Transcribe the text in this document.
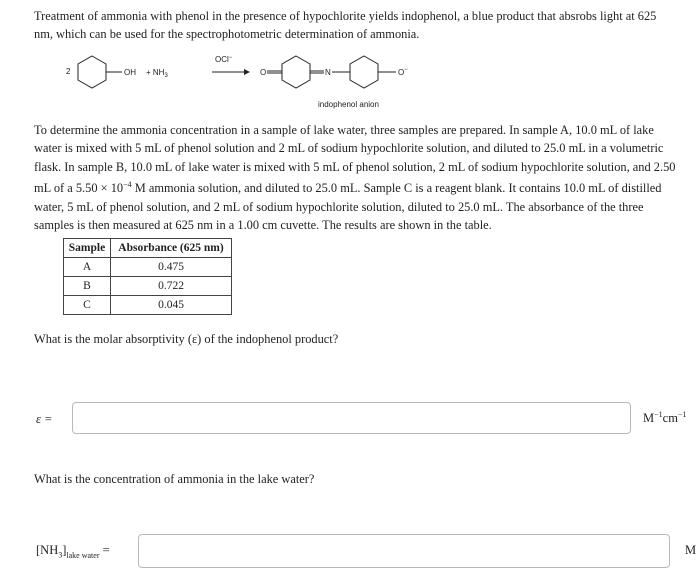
Treatment of ammonia with phenol in the presence of hypochlorite yields indophenol, a blue product that absrobs light at 625 nm, which can be used for the spectrophotometric determination of ammonia.
2	OH + $NH_3$
OCl−
O	N	O−
indophenol anion
To determine the ammonia concentration in a sample of lake water, three samples are prepared. In sample A, 10.0 mL of lake water is mixed with 5 mL of phenol solution and 2 mL of sodium hypochlorite solution, and diluted to 25.0 mL in a volumetric flask. In sample B, 10.0 mL of lake water is mixed with 5 mL of phenol solution, 2 mL of sodium hypochlorite solution, and 2.50 mL of a $5.50 \times 10^{-4}$ M ammonia solution, and diluted to 25.0 mL. Sample C is a reagent blank. It contains 10.0 mL of distilled water, 5 mL of phenol solution, and 2 mL of sodium hypochlorite solution, diluted to 25.0 mL. The absorbance of the three samples is then measured at 625 nm in a 1.00 cm cuvette. The results are shown in the table.
Sample	Absorbance (625 nm)
A	0.475
B	0.722
C	0.045
What is the molar absorptivity (ε) of the indophenol product?
ε =	$M^{-1}cm^{-1}$
What is the concentration of ammonia in the lake water?
$[NH_3]_{lake water}$ =	M
